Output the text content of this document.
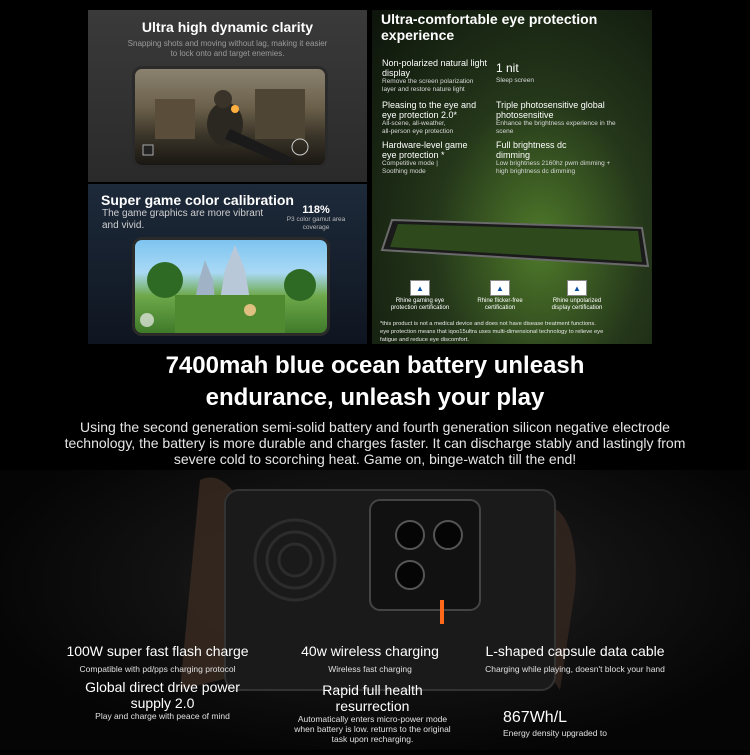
Ultra high dynamic clarity
Snapping shots and moving without lag, making it easier
to lock onto and target enemies.
Super game color calibration
The game graphics are more vibrant
and vivid.
118%
P3 color gamut area
coverage
Ultra-comfortable eye protection
experience
Non-polarized natural light
display
Remove the screen polarization
layer and restore nature light
1 nit
Sleep screen
Pleasing to the eye and
eye protection 2.0*
All-scene, all-weather,
all-person eye protection
Triple photosensitive global
photosensitive
Enhance the brightness experience in the
scene
Hardware-level game
eye protection *
Competitive mode |
Soothing mode
Full brightness dc
dimming
Low brightness 2160hz pwm dimming +
high brightness dc dimming
▲
Rhine gaming eye
protection certification
▲
Rhine flicker-free
certification
▲
Rhine unpolarized
display certification
*this product is not a medical device and does not have disease treatment functions.
eye protection means that iqoo15ultra uses multi-dimensional technology to relieve eye
fatigue and reduce eye discomfort.
7400mah blue ocean battery unleash
endurance, unleash your play
Using the second generation semi-solid battery and fourth generation silicon negative electrode
technology, the battery is more durable and charges faster. It can discharge stably and lastingly from
severe cold to scorching heat. Game on, binge-watch till the end!
100W super fast flash charge
Compatible with pd/pps charging protocol
40w wireless charging
Wireless fast charging
L-shaped capsule data cable
Charging while playing, doesn't block your hand
Global direct drive power
supply 2.0
Play and charge with peace of mind
Rapid full health
resurrection
Automatically enters micro-power mode
when battery is low. returns to the original
task upon recharging.
867Wh/L
Energy density upgraded to
